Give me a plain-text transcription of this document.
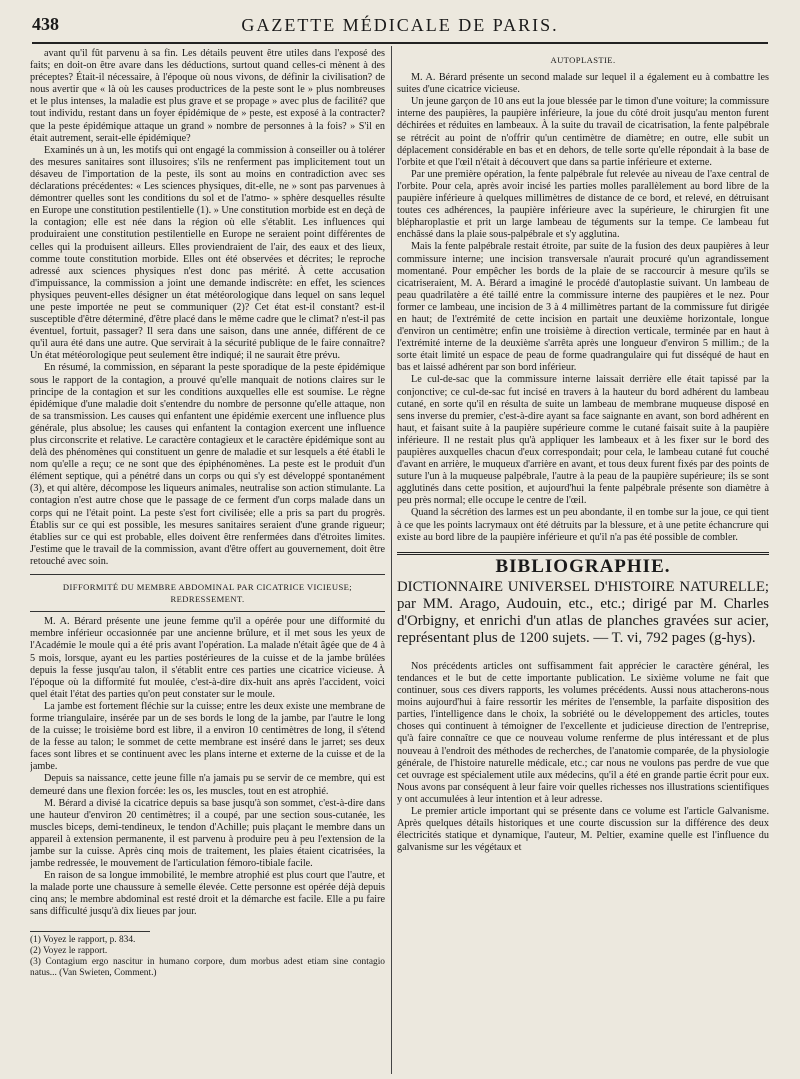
438	GAZETTE MÉDICALE DE PARIS.

avant qu'il fût parvenu à sa fin. Les détails peuvent être utiles dans l'exposé des faits; en doit-on être avare dans les déductions, surtout quand celles-ci mènent à des préceptes? Était-il nécessaire, à l'époque où nous vivons, de définir la civilisation? de nous avertir que « là où les causes productrices de la peste sont le » plus nombreuses et le plus intenses, la maladie est plus grave et se propage » avec plus de facilité? que tout individu, restant dans un foyer épidémique de » peste, est exposé à la contracter? que la peste épidémique attaque un grand » nombre de personnes à la fois? » S'il en était autrement, serait-elle épidémique?

Examinés un à un, les motifs qui ont engagé la commission à conseiller ou à tolérer des mesures sanitaires sont illusoires; s'ils ne renferment pas implicitement tout un désaveu de l'importation de la peste, ils sont au moins en contradiction avec ses déclarations précédentes: « Les sciences physiques, dit-elle, ne » sont pas parvenues à démontrer quelles sont les conditions du sol et de l'atmo- » sphère desquelles résulte en Europe une constitution pestilentielle (1). » Une constitution morbide est en deçà de la contagion; elle est née dans la région où elle s'établit. Les influences qui produiraient une constitution pestilentielle en Europe ne seraient point différentes de celles qui la produisent ailleurs. Elles proviendraient de l'air, des eaux et des lieux, comme toute constitution morbide. Elles ont été observées et décrites; le reproche adressé aux sciences physiques n'est donc pas mérité. À cette accusation d'impuissance, la commission a joint une demande indiscrète: en effet, les sciences physiques peuvent-elles désigner un état météorologique dans lequel on sans lequel une peste importée ne peut se communiquer (2)? Cet état est-il constant? est-il susceptible d'être déterminé, d'être placé dans le même cadre que le climat? n'est-il pas éventuel, fortuit, passager? Il sera dans une saison, dans une année, différent de ce qu'il aura été dans une autre. Que servirait à la sécurité publique de le faire connaître? Un état météorologique peut seulement être indiqué; il ne saurait être prévu.

En résumé, la commission, en séparant la peste sporadique de la peste épidémique sous le rapport de la contagion, a prouvé qu'elle manquait de notions claires sur le principe de la contagion et sur les conditions auxquelles elle est soumise. Le règne épidémique d'une maladie doit s'entendre du nombre de personne qu'elle attaque, non de sa transmission. Les causes qui enfantent une épidémie exercent une influence plus générale, plus absolue; les causes qui enfantent la contagion exercent une influence plus circonscrite et relative. Le caractère contagieux et le caractère épidémique sont au delà des phénomènes qui constituent un genre de maladie et sur lesquels a été établi le nom qu'elle a reçu; ce ne sont que des épiphénomènes. La peste est le produit d'un élément septique, qui a pénétré dans un corps ou qui s'y est développé spontanément (3), et qui altère, décompose les liqueurs animales, neutralise son action stimulante. La contagion n'est autre chose que le passage de ce ferment d'un corps malade dans un corps qui ne l'était point. La peste s'est fort civilisée; elle a pris sa part du progrès. Établis sur ce qui est possible, les mesures sanitaires seraient d'une grande rigueur; établies sur ce qui est probable, elles doivent être renfermées dans d'étroites limites. J'estime que le travail de la commission, avant d'être offert au gouvernement, doit être retouché avec soin.

DIFFORMITÉ DU MEMBRE ABDOMINAL PAR CICATRICE VICIEUSE; REDRESSEMENT.

M. A. Bérard présente une jeune femme qu'il a opérée pour une difformité du membre inférieur occasionnée par une ancienne brûlure, et il met sous les yeux de l'Académie le moule qui a été pris avant l'opération. La malade n'était âgée que de 4 à 5 mois, lorsque, ayant eu les parties postérieures de la cuisse et de la jambe brûlées depuis la fesse jusqu'au talon, il s'établit entre ces parties une cicatrice vicieuse. À l'époque où la difformité fut moulée, c'est-à-dire dix-huit ans après l'accident, voici quel était l'état des parties qu'on peut constater sur le moule.

La jambe est fortement fléchie sur la cuisse; entre les deux existe une membrane de forme triangulaire, insérée par un de ses bords le long de la jambe, par l'autre le long de la cuisse; le troisième bord est libre, il a environ 10 centimètres de long, il s'étend de la fesse au talon; le sommet de cette membrane est inséré dans le jarret; ses deux faces sont libres et se continuent avec les plans interne et externe de la cuisse et de la jambe.

Depuis sa naissance, cette jeune fille n'a jamais pu se servir de ce membre, qui est demeuré dans une flexion forcée: les os, les muscles, tout en est atrophié.

M. Bérard a divisé la cicatrice depuis sa base jusqu'à son sommet, c'est-à-dire dans une hauteur d'environ 20 centimètres; il a coupé, par une section sous-cutanée, les muscles biceps, demi-tendineux, le tendon d'Achille; puis plaçant le membre dans un appareil à extension permanente, il est parvenu à produire peu à peu l'extension de la jambe sur la cuisse. Après cinq mois de traitement, les plaies étaient cicatrisées, la jambe redressée, le mouvement de l'articulation fémoro-tibiale facile.

En raison de sa longue immobilité, le membre atrophié est plus court que l'autre, et la malade porte une chaussure à semelle élevée. Cette personne est opérée déjà depuis cinq ans; le membre abdominal est resté droit et la démarche est facile. Elle a pu faire sans difficulté jusqu'à dix lieues par jour.

(1) Voyez le rapport, p. 834.

(2) Voyez le rapport.

(3) Contagium ergo nascitur in humano corpore, dum morbus adest etiam sine contagio natus... (Van Swieten, Comment.)

AUTOPLASTIE.

M. A. Bérard présente un second malade sur lequel il a également eu à combattre les suites d'une cicatrice vicieuse.

Un jeune garçon de 10 ans eut la joue blessée par le timon d'une voiture; la commissure interne des paupières, la paupière inférieure, la joue du côté droit jusqu'au menton furent déchirées et réduites en lambeaux. À la suite du travail de cicatrisation, la fente palpébrale se rétrécit au point de n'offrir qu'un centimètre de diamètre; en outre, elle subit un déplacement considérable en bas et en dehors, de telle sorte qu'elle répondait à la base de l'orbite et que l'œil n'était à découvert que dans sa partie inférieure et externe.

Par une première opération, la fente palpébrale fut relevée au niveau de l'axe central de l'orbite. Pour cela, après avoir incisé les parties molles parallèlement au bord libre de la paupière inférieure à quelques millimètres de distance de ce bord, et relevé, en détruisant toutes ces adhérences, la paupière inférieure avec la supérieure, le chirurgien fit une blépharoplastie et prit un large lambeau de téguments sur la tempe. Ce lambeau fut enchâssé dans la plaie sous-palpébrale et s'y agglutina.

Mais la fente palpébrale restait étroite, par suite de la fusion des deux paupières à leur commissure interne; une incision transversale n'aurait procuré qu'un agrandissement momentané. Pour empêcher les bords de la plaie de se raccourcir à mesure qu'ils se cicatriseraient, M. A. Bérard a imaginé le procédé d'autoplastie suivant. Un lambeau de peau quadrilatère a été taillé entre la commissure interne des paupières et le nez. Pour former ce lambeau, une incision de 3 à 4 millimètres partant de la commissure fut dirigée en haut; de l'extrémité de cette incision en partait une deuxième horizontale, longue d'environ un centimètre; enfin une troisième à direction verticale, terminée par en haut à l'extrémité interne de la deuxième s'arrêta après une longueur d'environ 5 millim.; de la sorte était limité un espace de peau de forme quadrangulaire qui fut disséqué de haut en bas et laissé adhérent par son bord inférieur.

Le cul-de-sac que la commissure interne laissait derrière elle était tapissé par la conjonctive; ce cul-de-sac fut incisé en travers à la hauteur du bord adhérent du lambeau cutané, en sorte qu'il en résulta de suite un lambeau de membrane muqueuse disposé en sens inverse du premier, c'est-à-dire ayant sa face saignante en avant, son bord adhérent en haut, et faisant suite à la paupière supérieure comme le cutané faisait suite à la paupière inférieure. Il ne restait plus qu'à appliquer les lambeaux et à les fixer sur le bord des paupières auxquelles chacun d'eux correspondait; pour cela, le lambeau cutané fut couché d'avant en arrière, le muqueux d'arrière en avant, et tous deux furent fixés par des points de suture l'un à la muqueuse palpébrale, l'autre à la peau de la paupière supérieure; ils se sont agglutinés dans cette position, et aujourd'hui la fente palpébrale présente son diamètre à peu près normal; elle occupe le centre de l'œil.

Quand la sécrétion des larmes est un peu abondante, il en tombe sur la joue, ce qui tient à ce que les points lacrymaux ont été détruits par la blessure, et à une petite échancrure qui existe au bord libre de la paupière inférieure et qu'il n'a pas été possible de combler.

BIBLIOGRAPHIE.

DICTIONNAIRE UNIVERSEL D'HISTOIRE NATURELLE; par MM. Arago, Audouin, etc., etc.; dirigé par M. Charles d'Orbigny, et enrichi d'un atlas de planches gravées sur acier, représentant plus de 1200 sujets. — T. vi, 792 pages (g-hys).

Nos précédents articles ont suffisamment fait apprécier le caractère général, les tendances et le but de cette importante publication. Le sixième volume ne fait que continuer, sous ces divers rapports, les volumes précédents. Aussi nous attacherons-nous moins aujourd'hui à faire ressortir les mérites de l'ensemble, la parfaite disposition des parties, l'intelligence dans le choix, la sobriété ou le développement des articles, toutes choses qui continuent à témoigner de l'excellente et judicieuse direction de l'entreprise, qu'à faire connaître ce que ce nouveau volume renferme de plus intéressant et de plus nouveau à l'endroit des méthodes de recherches, de l'anatomie comparée, de la physiologie générale, de l'histoire naturelle médicale, etc.; car nous ne voulons pas perdre de vue que cet ouvrage est spécialement utile aux médecins, qu'il a été en grande partie écrit pour eux. Nous avons par conséquent à leur faire voir quelles richesses nos illustrations scientifiques y ont accumulées à leur intention et à leur adresse.

Le premier article important qui se présente dans ce volume est l'article Galvanisme. Après quelques détails historiques et une courte discussion sur la différence des deux électricités statique et dynamique, l'auteur, M. Peltier, examine quelle est l'influence du galvanisme sur les végétaux et
